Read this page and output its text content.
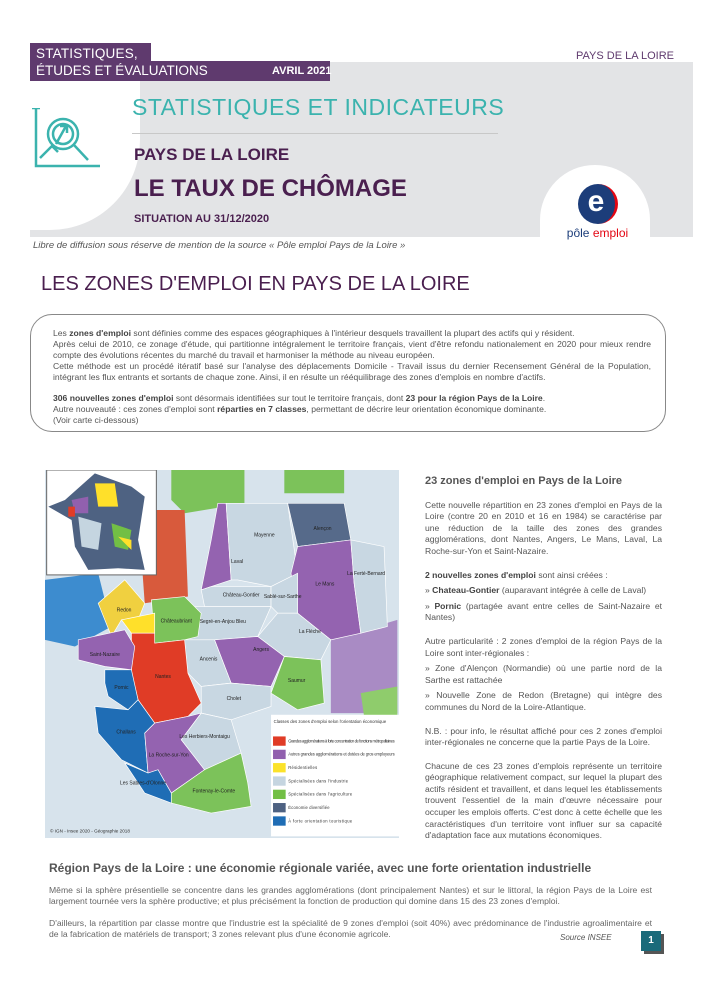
STATISTIQUES,
ÉTUDES ET ÉVALUATIONS	AVRIL 2021
PAYS DE LA LOIRE
STATISTIQUES ET INDICATEURS
PAYS DE LA LOIRE
LE TAUX DE CHÔMAGE
SITUATION AU 31/12/2020
e
pôle emploi
Libre de diffusion sous réserve de mention de la source « Pôle emploi Pays de la Loire »
LES ZONES D'EMPLOI EN PAYS DE LA LOIRE

Les zones d'emploi sont définies comme des espaces géographiques à l'intérieur desquels travaillent la plupart des actifs qui y résident.

Après celui de 2010, ce zonage d'étude, qui partitionne intégralement le territoire français, vient d'être refondu nationalement en 2020 pour mieux rendre compte des évolutions récentes du marché du travail et harmoniser la méthode au niveau européen.

Cette méthode est un procédé itératif basé sur l'analyse des déplacements Domicile - Travail issus du dernier Recensement Général de la Population, intégrant les flux entrants et sortants de chaque zone. Ainsi, il en résulte un rééquilibrage des zones d'emplois en nombre d'actifs.

306 nouvelles zones d'emploi sont désormais identifiées sur tout le territoire français, dont 23 pour la région Pays de la Loire.

Autre nouveauté : ces zones d'emploi sont réparties en 7 classes, permettant de décrire leur orientation économique dominante.

(Voir carte ci-dessous)

Classes des zones d'emploi selon l'orientation économique
Grandes agglomérations à forte concentration de fonctions métropolitaines
Autres grandes agglomérations et dotées de gros employeurs
Résidentielles
Spécialisées dans l'industrie
Spécialisées dans l'agriculture
Économie diversifiée
À forte orientation touristique
Mayenne
Alençon
Laval
La Ferté-Bernard
Le Mans
Château-Gontier Sablé-sur-Sarthe
Redon
Châteaubriant Segré-en-Anjou Bleu
La Flèche
Saint-Nazaire
Angers
Ancenis
Nantes
Saumur
Pornic
Cholet
Challans
Les Herbiers-Montaigu
La Roche-sur-Yon
Les Sables-d'Olonne
Fontenay-le-Comte
© IGN - Insee 2020 - Géographie 2018
23 zones d'emploi en Pays de la Loire

Cette nouvelle répartition en 23 zones d'emploi en Pays de la Loire (contre 20 en 2010 et 16 en 1984) se caractérise par une réduction de la taille des zones des grandes agglomérations, dont Nantes, Angers, Le Mans, Laval, La Roche-sur-Yon et Saint-Nazaire.

2 nouvelles zones d'emploi sont ainsi créées :

» Chateau-Gontier (auparavant intégrée à celle de Laval)

» Pornic (partagée avant entre celles de Saint-Nazaire et Nantes)

Autre particularité : 2 zones d'emploi de la région Pays de la Loire sont inter-régionales :

» Zone d'Alençon (Normandie) où une partie nord de la Sarthe est rattachée

» Nouvelle Zone de Redon (Bretagne) qui intègre des communes du Nord de la Loire-Atlantique.

N.B. : pour info, le résultat affiché pour ces 2 zones d'emploi inter-régionales ne concerne que la partie Pays de la Loire.

Chacune de ces 23 zones d'emplois représente un territoire géographique relativement compact, sur lequel la plupart des actifs résident et travaillent, et dans lequel les établissements trouvent l'essentiel de la main d'œuvre nécessaire pour occuper les emplois offerts. C'est donc à cette échelle que les caractéristiques d'un territoire vont influer sur sa capacité d'adaptation face aux mutations économiques.

Région Pays de la Loire : une économie régionale variée, avec une forte orientation industrielle

Même si la sphère présentielle se concentre dans les grandes agglomérations (dont principalement Nantes) et sur le littoral, la région Pays de la Loire est largement tournée vers la sphère productive; et plus précisément la fonction de production qui domine dans 15 des 23 zones d'emploi.

D'ailleurs, la répartition par classe montre que l'industrie est la spécialité de 9 zones d'emploi (soit 40%) avec prédominance de l'industrie agroalimentaire et de la fabrication de matériels de transport; 3 zones relevant plus d'une économie agricole.	Source INSEE	1
